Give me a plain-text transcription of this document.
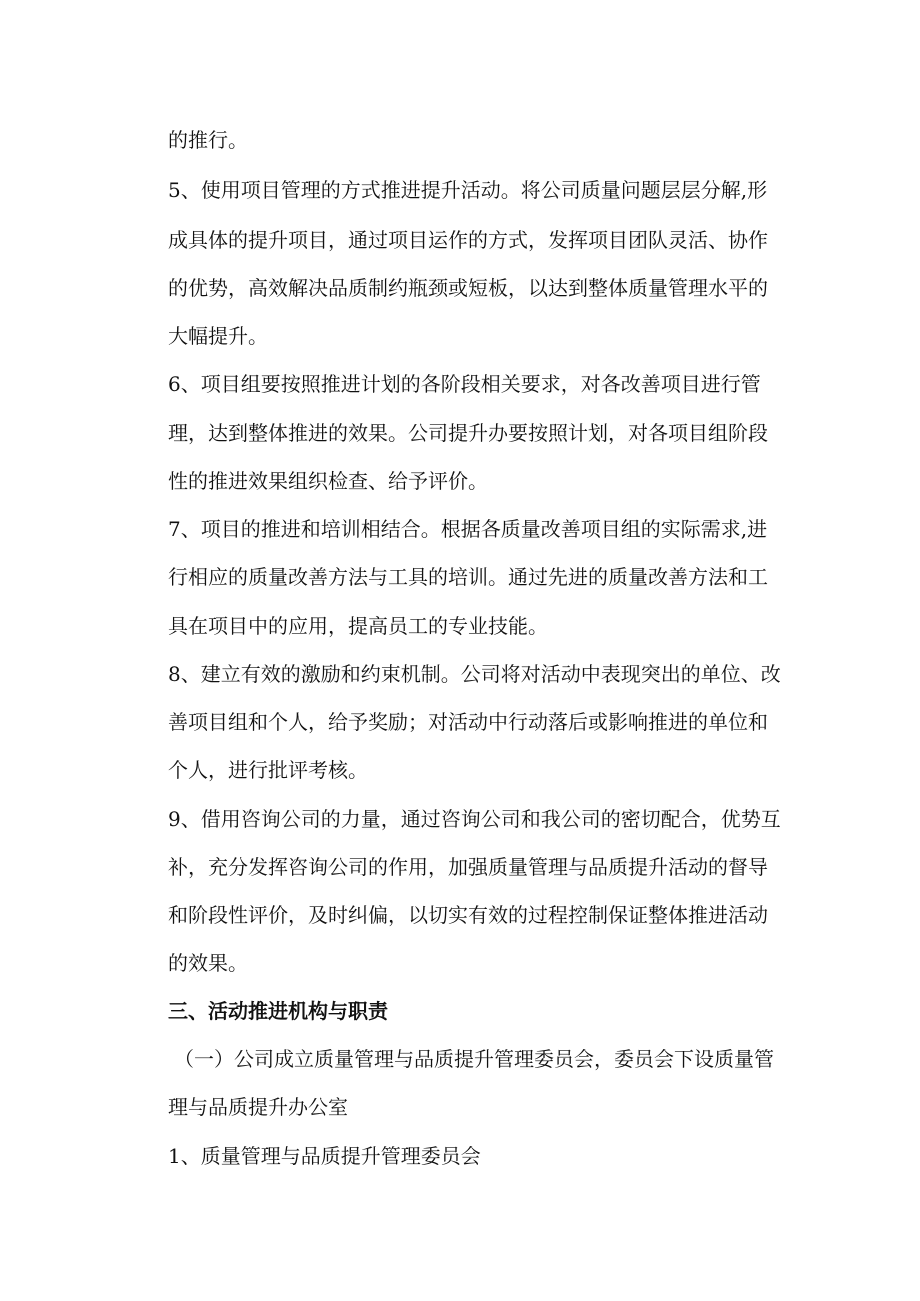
的推行。
5、使用项目管理的方式推进提升活动。将公司质量问题层层分解,形
成具体的提升项目，通过项目运作的方式，发挥项目团队灵活、协作
的优势，高效解决品质制约瓶颈或短板，以达到整体质量管理水平的
大幅提升。
6、项目组要按照推进计划的各阶段相关要求，对各改善项目进行管
理，达到整体推进的效果。公司提升办要按照计划，对各项目组阶段
性的推进效果组织检查、给予评价。
7、项目的推进和培训相结合。根据各质量改善项目组的实际需求,进
行相应的质量改善方法与工具的培训。通过先进的质量改善方法和工
具在项目中的应用，提高员工的专业技能。
8、建立有效的激励和约束机制。公司将对活动中表现突出的单位、改
善项目组和个人，给予奖励；对活动中行动落后或影响推进的单位和
个人，进行批评考核。
9、借用咨询公司的力量，通过咨询公司和我公司的密切配合，优势互
补，充分发挥咨询公司的作用，加强质量管理与品质提升活动的督导
和阶段性评价，及时纠偏，以切实有效的过程控制保证整体推进活动
的效果。
三、活动推进机构与职责
（一）公司成立质量管理与品质提升管理委员会，委员会下设质量管
理与品质提升办公室
1、质量管理与品质提升管理委员会
